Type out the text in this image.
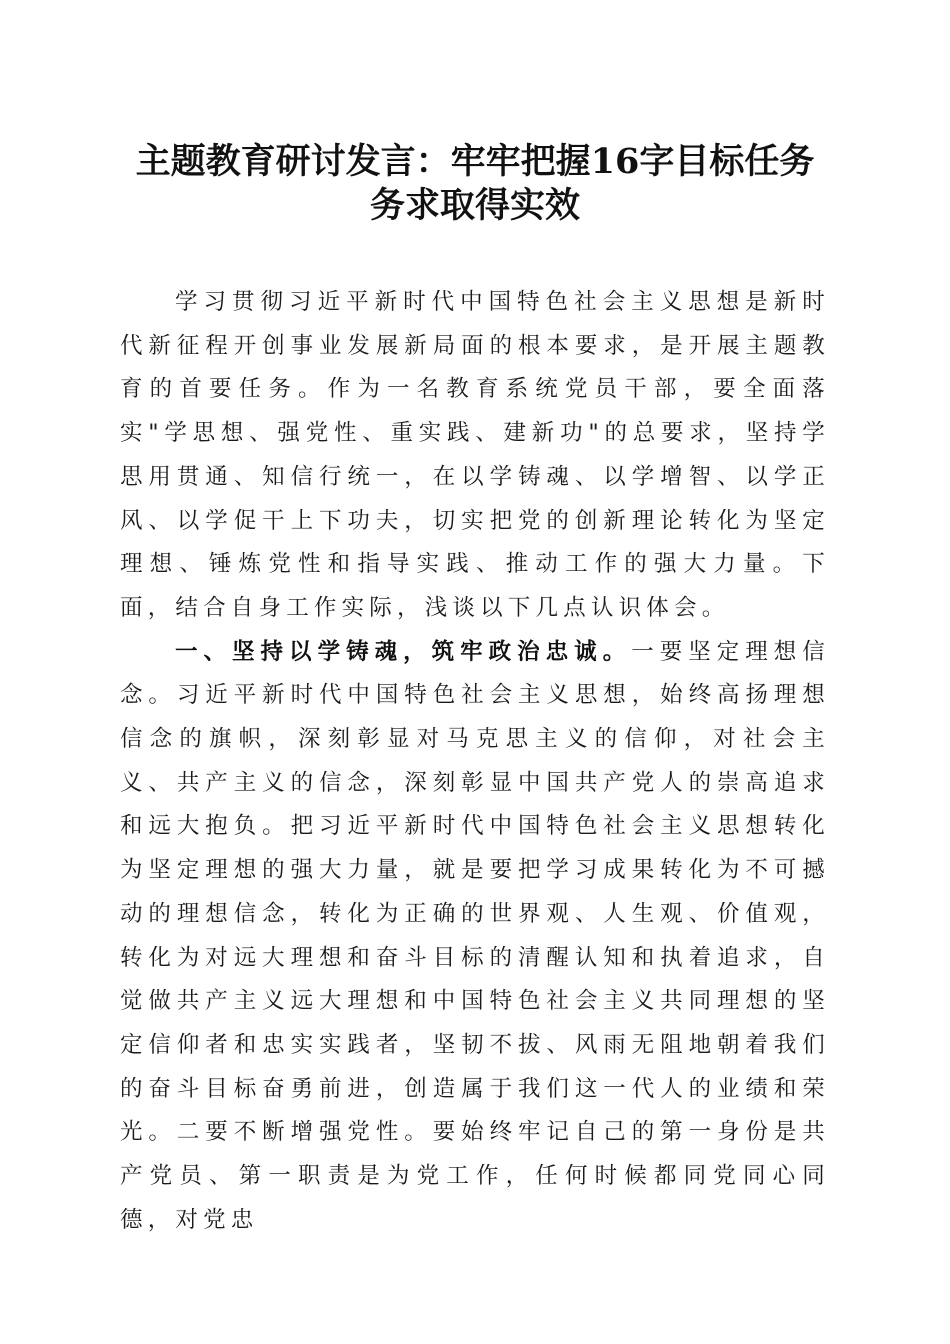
主题教育研讨发言：牢牢把握16字目标任务
务求取得实效

学习贯彻习近平新时代中国特色社会主义思想是新时代新征程开创事业发展新局面的根本要求，是开展主题教育的首要任务。作为一名教育系统党员干部，要全面落实"学思想、强党性、重实践、建新功"的总要求，坚持学思用贯通、知信行统一，在以学铸魂、以学增智、以学正风、以学促干上下功夫，切实把党的创新理论转化为坚定理想、锤炼党性和指导实践、推动工作的强大力量。下面，结合自身工作实际，浅谈以下几点认识体会。

一、坚持以学铸魂，筑牢政治忠诚。一要坚定理想信念。习近平新时代中国特色社会主义思想，始终高扬理想信念的旗帜，深刻彰显对马克思主义的信仰，对社会主义、共产主义的信念，深刻彰显中国共产党人的崇高追求和远大抱负。把习近平新时代中国特色社会主义思想转化为坚定理想的强大力量，就是要把学习成果转化为不可撼动的理想信念，转化为正确的世界观、人生观、价值观，转化为对远大理想和奋斗目标的清醒认知和执着追求，自觉做共产主义远大理想和中国特色社会主义共同理想的坚定信仰者和忠实实践者，坚韧不拔、风雨无阻地朝着我们的奋斗目标奋勇前进，创造属于我们这一代人的业绩和荣光。二要不断增强党性。要始终牢记自己的第一身份是共产党员、第一职责是为党工作，任何时候都同党同心同德，对党忠
